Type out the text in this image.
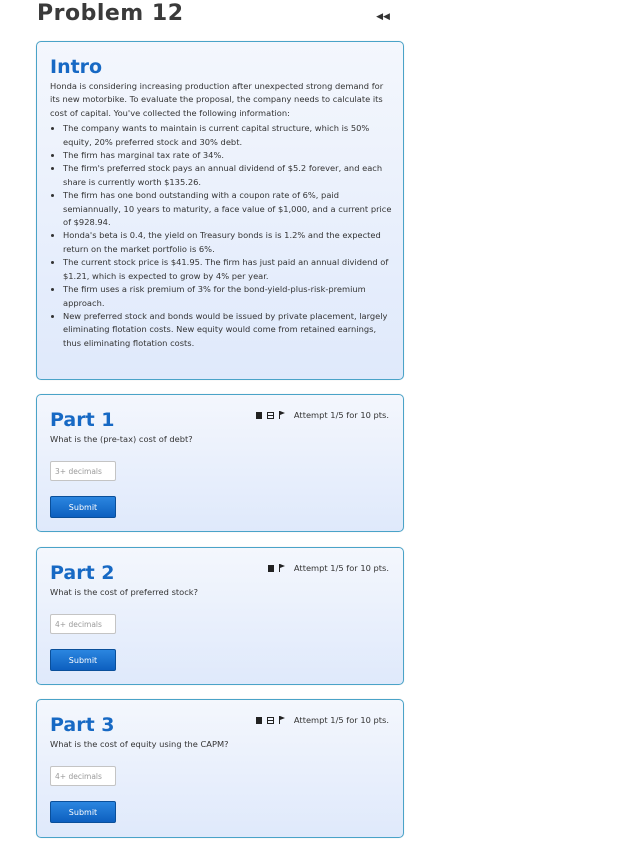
Problem 12	◀◀
Intro

Honda is considering increasing production after unexpected strong demand for its new motorbike. To evaluate the proposal, the company needs to calculate its cost of capital. You've collected the following information:

• The company wants to maintain is current capital structure, which is 50% equity, 20% preferred stock and 30% debt.
• The firm has marginal tax rate of 34%.
• The firm's preferred stock pays an annual dividend of $5.2 forever, and each share is currently worth $135.26.
• The firm has one bond outstanding with a coupon rate of 6%, paid semiannually, 10 years to maturity, a face value of $1,000, and a current price of $928.94.
• Honda's beta is 0.4, the yield on Treasury bonds is is 1.2% and the expected return on the market portfolio is 6%.
• The current stock price is $41.95. The firm has just paid an annual dividend of $1.21, which is expected to grow by 4% per year.
• The firm uses a risk premium of 3% for the bond-yield-plus-risk-premium approach.
• New preferred stock and bonds would be issued by private placement, largely eliminating flotation costs. New equity would come from retained earnings, thus eliminating flotation costs.
Part 1	Attempt 1/5 for 10 pts.
What is the (pre-tax) cost of debt?
3+ decimals
Submit
Part 2	Attempt 1/5 for 10 pts.
What is the cost of preferred stock?
4+ decimals
Submit
Part 3	Attempt 1/5 for 10 pts.
What is the cost of equity using the CAPM?
4+ decimals
Submit
